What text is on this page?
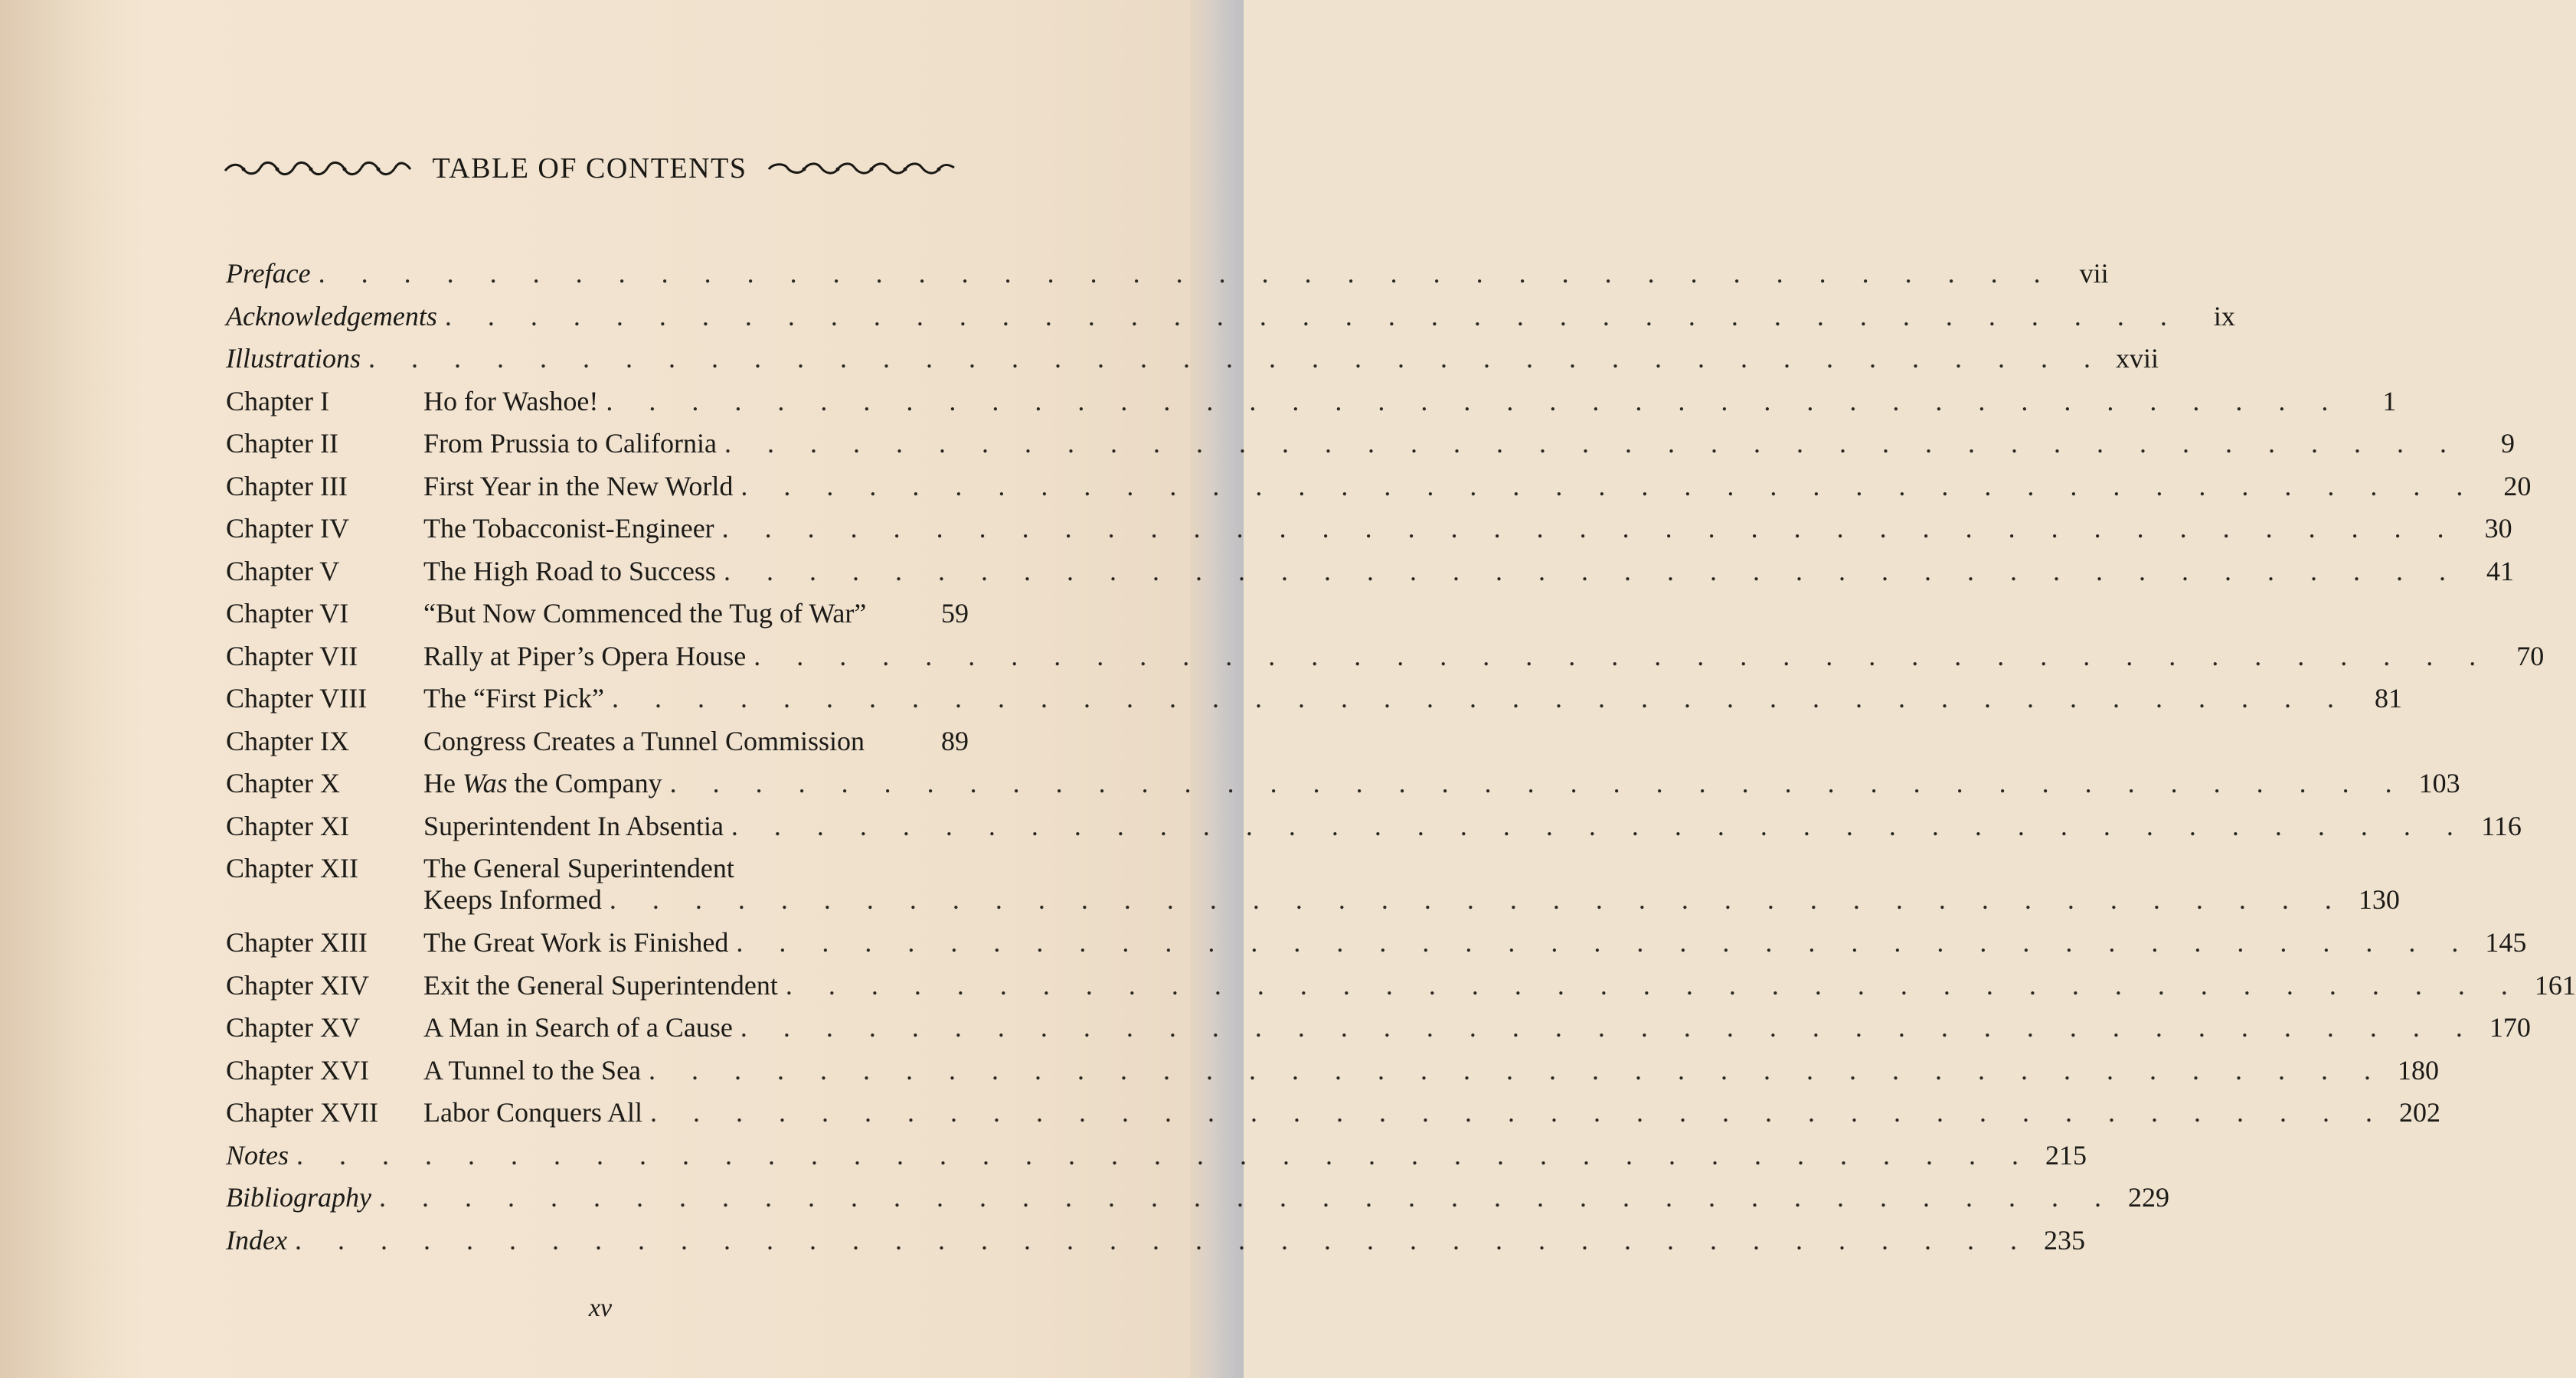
TABLE OF CONTENTS
Preface . . . . . . . . . . . . . . . . . . . . . . . . . . . . . . . . . . . . . . . . . vii
Acknowledgements . . . . . . . . . . . . . . . . . . . . . . . . . . . . . . . . . . . . . . . . .	ix
Illustrations . . . . . . . . . . . . . . . . . . . . . . . . . . . . . . . . . . . . . . . . . xvii
Chapter I	Ho for Washoe! . . . . . . . . . . . . . . . . . . . . . . . . . . . . . . . . . . . . . . . . .	1
Chapter II	From Prussia to California . . . . . . . . . . . . . . . . . . . . . . . . . . . . . . . . . . . . . . . . .	9
Chapter III	First Year in the New World . . . . . . . . . . . . . . . . . . . . . . . . . . . . . . . . . . . . . . . . . 20
Chapter IV	The Tobacconist-Engineer . . . . . . . . . . . . . . . . . . . . . . . . . . . . . . . . . . . . . . . . . 30
Chapter V	The High Road to Success . . . . . . . . . . . . . . . . . . . . . . . . . . . . . . . . . . . . . . . . . 41
Chapter VI	“But Now Commenced the Tug of War”	59
Chapter VII	Rally at Piper’s Opera House . . . . . . . . . . . . . . . . . . . . . . . . . . . . . . . . . . . . . . . . . 70
Chapter VIII	The “First Pick” . . . . . . . . . . . . . . . . . . . . . . . . . . . . . . . . . . . . . . . . . 81
Chapter IX	Congress Creates a Tunnel Commission	89
Chapter X	He Was the Company . . . . . . . . . . . . . . . . . . . . . . . . . . . . . . . . . . . . . . . . . 103
Chapter XI	Superintendent In Absentia . . . . . . . . . . . . . . . . . . . . . . . . . . . . . . . . . . . . . . . . . 116
Chapter XII	The General Superintendent
Keeps Informed . . . . . . . . . . . . . . . . . . . . . . . . . . . . . . . . . . . . . . . . . 130
Chapter XIII	The Great Work is Finished . . . . . . . . . . . . . . . . . . . . . . . . . . . . . . . . . . . . . . . . . 145
Chapter XIV	Exit the General Superintendent . . . . . . . . . . . . . . . . . . . . . . . . . . . . . . . . . . . . . . . . . 161
Chapter XV	A Man in Search of a Cause . . . . . . . . . . . . . . . . . . . . . . . . . . . . . . . . . . . . . . . . . 170
Chapter XVI	A Tunnel to the Sea . . . . . . . . . . . . . . . . . . . . . . . . . . . . . . . . . . . . . . . . . 180
Chapter XVII	Labor Conquers All . . . . . . . . . . . . . . . . . . . . . . . . . . . . . . . . . . . . . . . . . 202
Notes . . . . . . . . . . . . . . . . . . . . . . . . . . . . . . . . . . . . . . . . . 215
Bibliography . . . . . . . . . . . . . . . . . . . . . . . . . . . . . . . . . . . . . . . . . 229
Index . . . . . . . . . . . . . . . . . . . . . . . . . . . . . . . . . . . . . . . . . 235
xv
